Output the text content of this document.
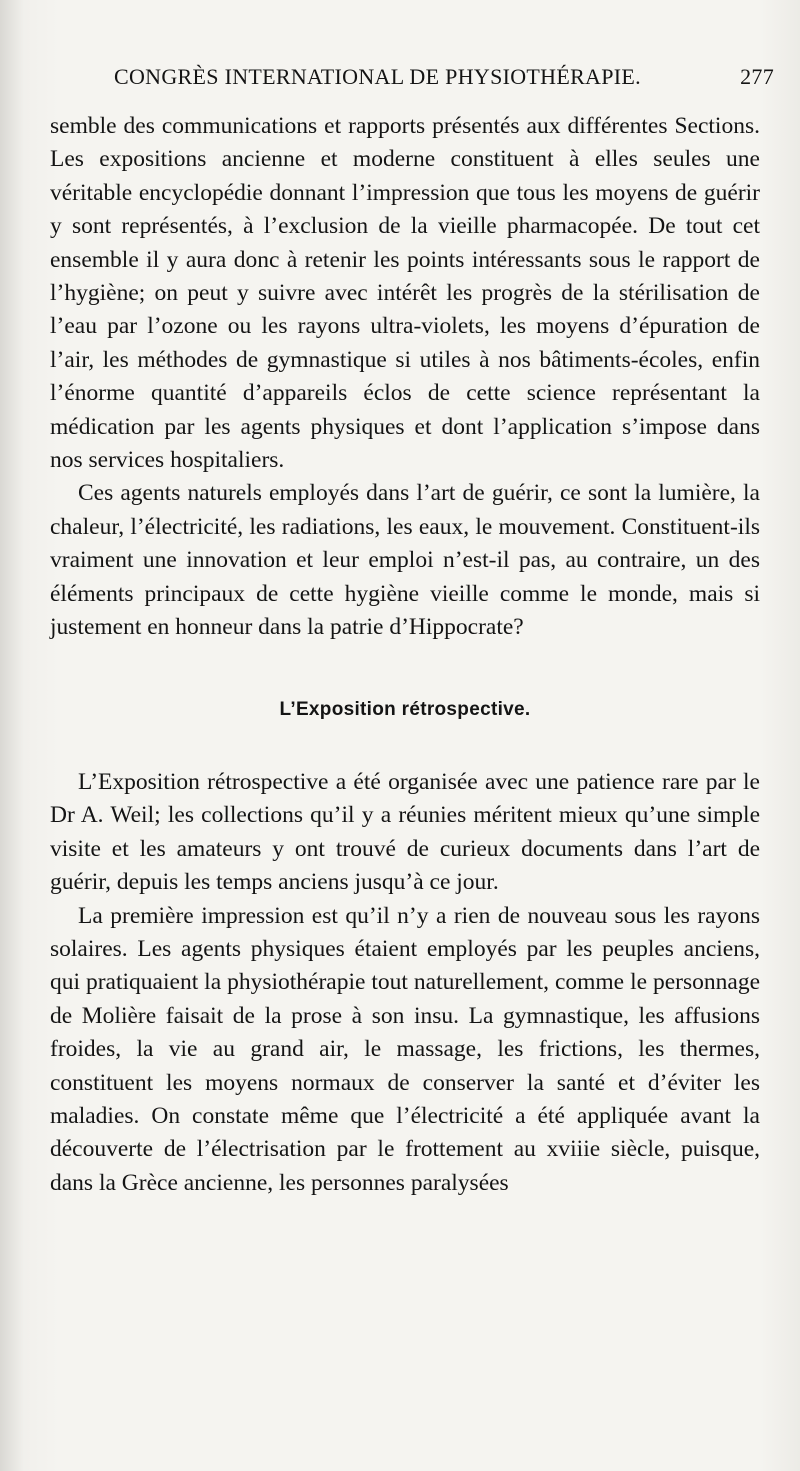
CONGRÈS INTERNATIONAL DE PHYSIOTHÉRAPIE.	277

semble des communications et rapports présentés aux différentes Sections. Les expositions ancienne et moderne constituent à elles seules une véritable encyclopédie donnant l’impression que tous les moyens de guérir y sont représentés, à l’exclusion de la vieille pharmacopée. De tout cet ensemble il y aura donc à retenir les points intéressants sous le rapport de l’hygiène; on peut y suivre avec intérêt les progrès de la stérilisation de l’eau par l’ozone ou les rayons ultra-violets, les moyens d’épuration de l’air, les méthodes de gymnastique si utiles à nos bâtiments-écoles, enfin l’énorme quantité d’appareils éclos de cette science représentant la médication par les agents physiques et dont l’application s’impose dans nos services hospitaliers.

Ces agents naturels employés dans l’art de guérir, ce sont la lumière, la chaleur, l’électricité, les radiations, les eaux, le mouvement. Constituent-ils vraiment une innovation et leur emploi n’est-il pas, au contraire, un des éléments principaux de cette hygiène vieille comme le monde, mais si justement en honneur dans la patrie d’Hippocrate?

L’Exposition rétrospective.

L’Exposition rétrospective a été organisée avec une patience rare par le Dr A. Weil; les collections qu’il y a réunies méritent mieux qu’une simple visite et les amateurs y ont trouvé de curieux documents dans l’art de guérir, depuis les temps anciens jusqu’à ce jour.

La première impression est qu’il n’y a rien de nouveau sous les rayons solaires. Les agents physiques étaient employés par les peuples anciens, qui pratiquaient la physiothérapie tout naturellement, comme le personnage de Molière faisait de la prose à son insu. La gymnastique, les affusions froides, la vie au grand air, le massage, les frictions, les thermes, constituent les moyens normaux de conserver la santé et d’éviter les maladies. On constate même que l’électricité a été appliquée avant la découverte de l’électrisation par le frottement au xviiie siècle, puisque, dans la Grèce ancienne, les personnes paralysées
